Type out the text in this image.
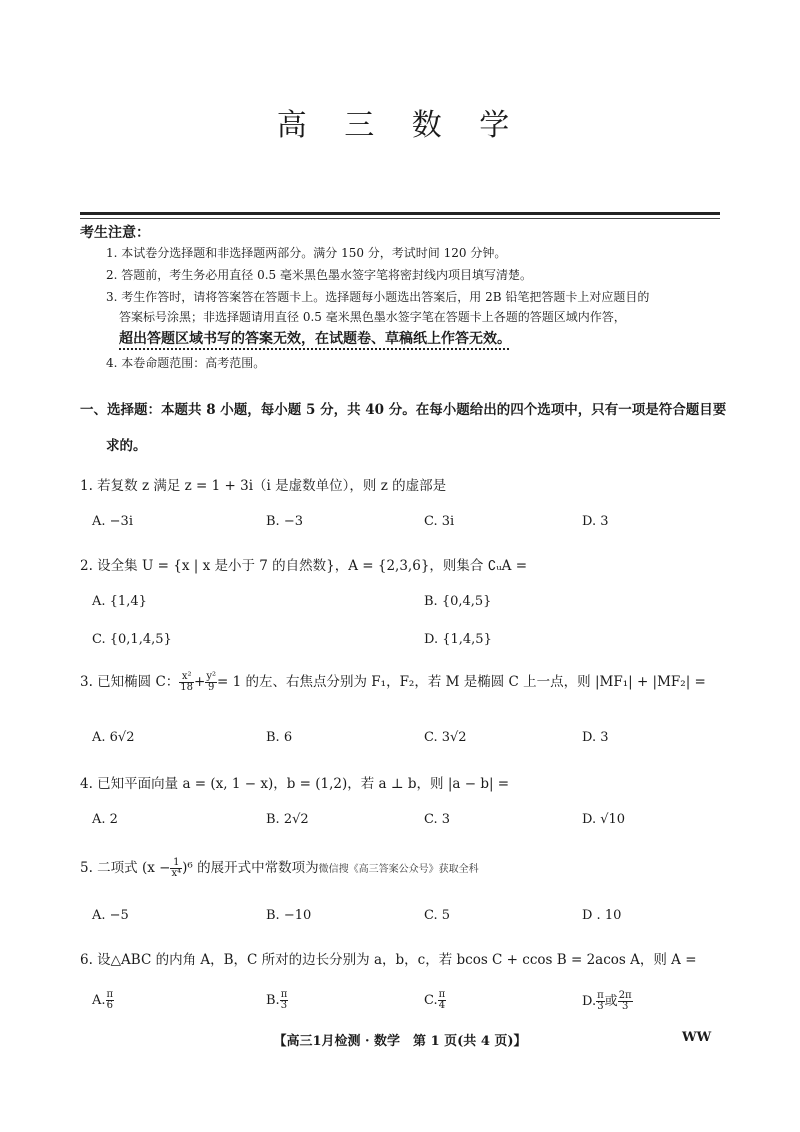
高 三 数 学
考生注意：
1. 本试卷分选择题和非选择题两部分。满分 150 分，考试时间 120 分钟。
2. 答题前，考生务必用直径 0.5 毫米黑色墨水签字笔将密封线内项目填写清楚。
3. 考生作答时，请将答案答在答题卡上。选择题每小题选出答案后，用 2B 铅笔把答题卡上对应题目的
答案标号涂黑；非选择题请用直径 0.5 毫米黑色墨水签字笔在答题卡上各题的答题区域内作答，
超出答题区域书写的答案无效，在试题卷、草稿纸上作答无效。
4. 本卷命题范围：高考范围。
一、选择题：本题共 8 小题，每小题 5 分，共 40 分。在每小题给出的四个选项中，只有一项是符合题目要
求的。
1. 若复数 z 满足 z = 1 + 3i（i 是虚数单位），则 z 的虚部是
A. −3i	B. −3	C. 3i	D. 3
2. 设全集 U = {x | x 是小于 7 的自然数}，A = {2,3,6}，则集合 ∁ᵤA =
A. {1,4}	B. {0,4,5}
C. {0,1,4,5}	D. {1,4,5}
3. 已知椭圆 C： $\frac{\text{x²}}{18} + \frac{\text{y²}}{9} = 1$ 的左、右焦点分别为 F₁，F₂，若 M 是椭圆 C 上一点，则 |MF₁| + |MF₂| =
A. 6√2	B. 6	C. 3√2	D. 3
4. 已知平面向量 a = (x, 1 − x)，b = (1,2)，若 a ⊥ b，则 |a − b| =
A. 2	B. 2√2	C. 3	D. √10
5. 二项式 $(x - \frac{1}{\text{x⁴}} )^6$ 的展开式中常数项为微信搜《高三答案公众号》获取全科
A. −5	B. −10	C. 5	D . 10
6. 设△ABC 的内角 A，B，C 所对的边长分别为 a，b，c，若 bcos C + ccos B = 2acos A，则 A =
A. $\frac{\pi}{6}$	B. $\frac{\pi}{3}$	C. $\frac{\pi}{4}$	D. $\frac{\pi}{3}$ 或 $\frac{2\pi}{3}$
【高三1月检测 · 数学　第 1 页(共 4 页)】	WW
